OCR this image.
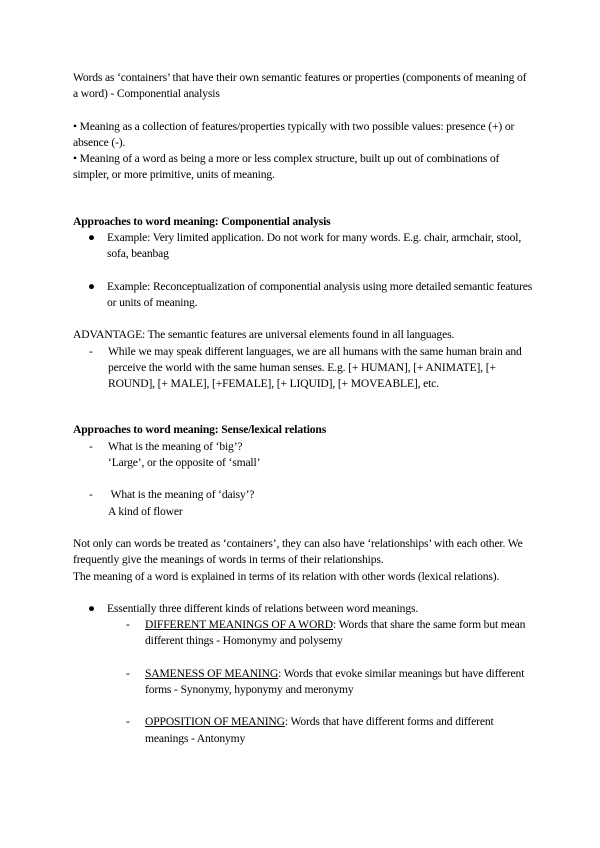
Words as ‘containers’ that have their own semantic features or properties (components of meaning of a word) - Componential analysis

• Meaning as a collection of features/properties typically with two possible values: presence (+) or absence (-).

• Meaning of a word as being a more or less complex structure, built up out of combinations of simpler, or more primitive, units of meaning.

Approaches to word meaning: Componential analysis

●	Example: Very limited application. Do not work for many words. E.g. chair, armchair, stool, sofa, beanbag
●	Example: Reconceptualization of componential analysis using more detailed semantic features or units of meaning.

ADVANTAGE: The semantic features are universal elements found in all languages.

-	While we may speak different languages, we are all humans with the same human brain and perceive the world with the same human senses. E.g. [+ HUMAN], [+ ANIMATE], [+ ROUND], [+ MALE], [+FEMALE], [+ LIQUID], [+ MOVEABLE], etc.

Approaches to word meaning: Sense/lexical relations

-	What is the meaning of ‘big’?
‘Large’, or the opposite of ‘small’
-	What is the meaning of ‘daisy’?
A kind of flower

Not only can words be treated as ‘containers’, they can also have ‘relationships’ with each other. We frequently give the meanings of words in terms of their relationships.

The meaning of a word is explained in terms of its relation with other words (lexical relations).

●	Essentially three different kinds of relations between word meanings.
-	DIFFERENT MEANINGS OF A WORD: Words that share the same form but mean different things - Homonymy and polysemy
-	SAMENESS OF MEANING: Words that evoke similar meanings but have different forms - Synonymy, hyponymy and meronymy
-	OPPOSITION OF MEANING: Words that have different forms and different meanings - Antonymy
